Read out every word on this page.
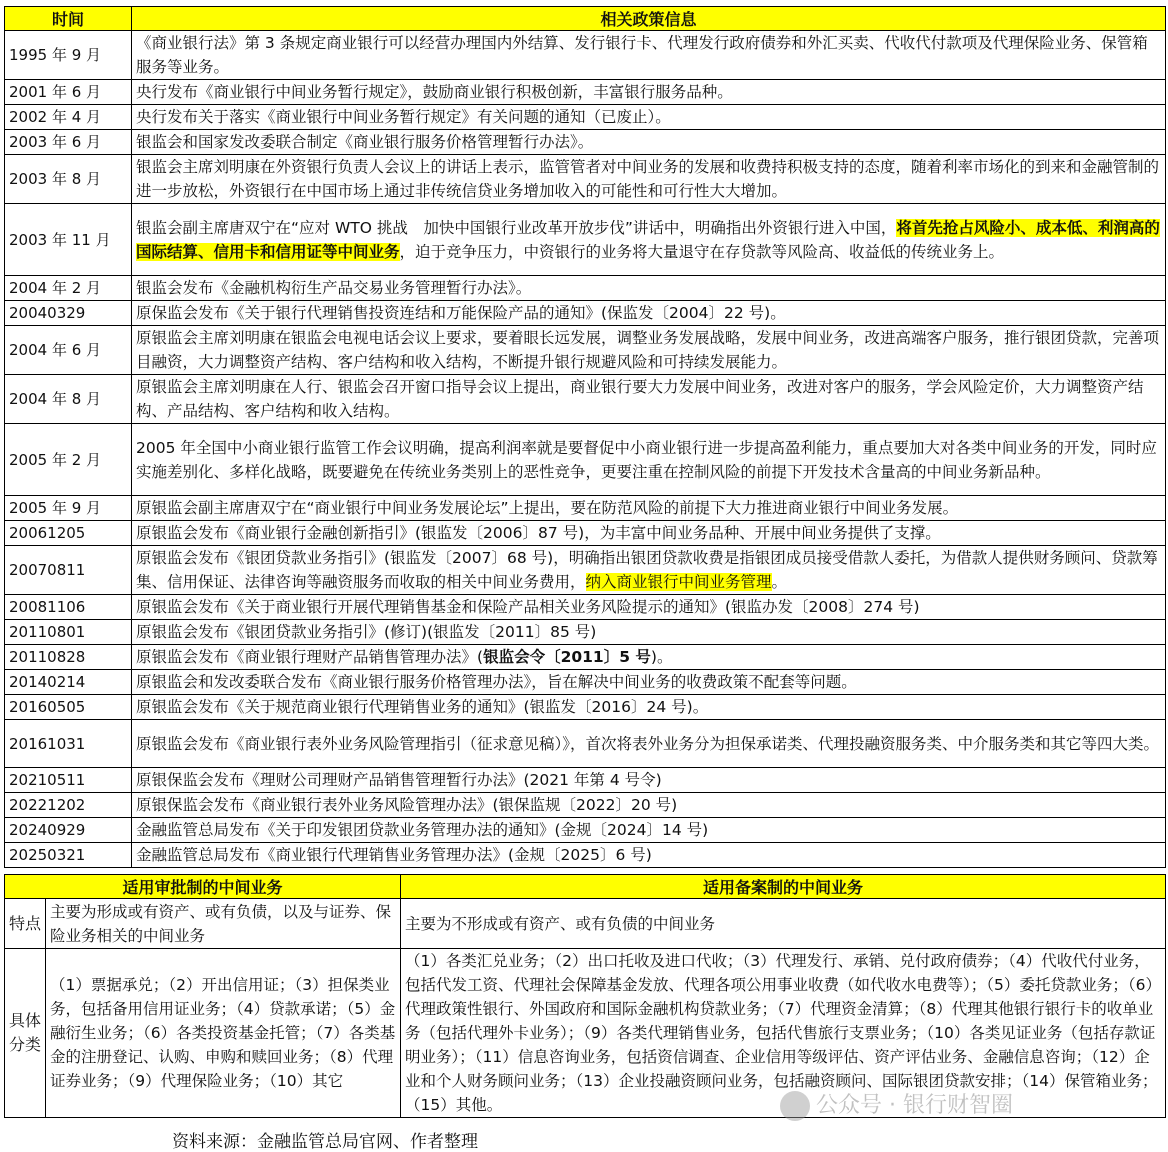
时间	相关政策信息
1995 年 9 月	《商业银行法》第 3 条规定商业银行可以经营办理国内外结算、发行银行卡、代理发行政府债券和外汇买卖、代收代付款项及代理保险业务、保管箱服务等业务。
2001 年 6 月	央行发布《商业银行中间业务暂行规定》，鼓励商业银行积极创新，丰富银行服务品种。
2002 年 4 月	央行发布关于落实《商业银行中间业务暂行规定》有关问题的通知（已废止）。
2003 年 6 月	银监会和国家发改委联合制定《商业银行服务价格管理暂行办法》。
2003 年 8 月	银监会主席刘明康在外资银行负责人会议上的讲话上表示，监管管者对中间业务的发展和收费持积极支持的态度，随着利率市场化的到来和金融管制的进一步放松，外资银行在中国市场上通过非传统信贷业务增加收入的可能性和可行性大大增加。
2003 年 11 月	银监会副主席唐双宁在“应对 WTO 挑战　加快中国银行业改革开放步伐”讲话中，明确指出外资银行进入中国，将首先抢占风险小、成本低、利润高的国际结算、信用卡和信用证等中间业务，迫于竞争压力，中资银行的业务将大量退守在存贷款等风险高、收益低的传统业务上。
2004 年 2 月	银监会发布《金融机构衍生产品交易业务管理暂行办法》。
20040329	原保监会发布《关于银行代理销售投资连结和万能保险产品的通知》(保监发〔2004〕22 号)。
2004 年 6 月	原银监会主席刘明康在银监会电视电话会议上要求，要着眼长远发展，调整业务发展战略，发展中间业务，改进高端客户服务，推行银团贷款，完善项目融资，大力调整资产结构、客户结构和收入结构，不断提升银行规避风险和可持续发展能力。
2004 年 8 月	原银监会主席刘明康在人行、银监会召开窗口指导会议上提出，商业银行要大力发展中间业务，改进对客户的服务，学会风险定价，大力调整资产结构、产品结构、客户结构和收入结构。
2005 年 2 月	2005 年全国中小商业银行监管工作会议明确，提高利润率就是要督促中小商业银行进一步提高盈利能力，重点要加大对各类中间业务的开发，同时应实施差别化、多样化战略，既要避免在传统业务类别上的恶性竞争，更要注重在控制风险的前提下开发技术含量高的中间业务新品种。
2005 年 9 月	原银监会副主席唐双宁在“商业银行中间业务发展论坛”上提出，要在防范风险的前提下大力推进商业银行中间业务发展。
20061205	原银监会发布《商业银行金融创新指引》(银监发〔2006〕87 号)，为丰富中间业务品种、开展中间业务提供了支撑。
20070811	原银监会发布《银团贷款业务指引》(银监发〔2007〕68 号)，明确指出银团贷款收费是指银团成员接受借款人委托，为借款人提供财务顾问、贷款筹集、信用保证、法律咨询等融资服务而收取的相关中间业务费用，纳入商业银行中间业务管理。
20081106	原银监会发布《关于商业银行开展代理销售基金和保险产品相关业务风险提示的通知》(银监办发〔2008〕274 号)
20110801	原银监会发布《银团贷款业务指引》(修订)(银监发〔2011〕85 号)
20110828	原银监会发布《商业银行理财产品销售管理办法》(银监会令〔2011〕5 号)。
20140214	原银监会和发改委联合发布《商业银行服务价格管理办法》，旨在解决中间业务的收费政策不配套等问题。
20160505	原银监会发布《关于规范商业银行代理销售业务的通知》(银监发〔2016〕24 号)。
20161031	原银监会发布《商业银行表外业务风险管理指引（征求意见稿）》，首次将表外业务分为担保承诺类、代理投融资服务类、中介服务类和其它等四大类。
20210511	原银保监会发布《理财公司理财产品销售管理暂行办法》(2021 年第 4 号令)
20221202	原银保监会发布《商业银行表外业务风险管理办法》(银保监规〔2022〕20 号)
20240929	金融监管总局发布《关于印发银团贷款业务管理办法的通知》(金规〔2024〕14 号)
20250321	金融监管总局发布《商业银行代理销售业务管理办法》(金规〔2025〕6 号)
适用审批制的中间业务		适用备案制的中间业务
特点	主要为形成或有资产、或有负债，以及与证券、保险业务相关的中间业务	主要为不形成或有资产、或有负债的中间业务
具体分类	（1）票据承兑；（2）开出信用证；（3）担保类业务，包括备用信用证业务；（4）贷款承诺；（5）金融衍生业务；（6）各类投资基金托管；（7）各类基金的注册登记、认购、申购和赎回业务；（8）代理证券业务；（9）代理保险业务；（10）其它	（1）各类汇兑业务；（2）出口托收及进口代收；（3）代理发行、承销、兑付政府债券；（4）代收代付业务，包括代发工资、代理社会保障基金发放、代理各项公用事业收费（如代收水电费等）；（5）委托贷款业务；（6）代理政策性银行、外国政府和国际金融机构贷款业务；（7）代理资金清算；（8）代理其他银行银行卡的收单业务（包括代理外卡业务）；（9）各类代理销售业务，包括代售旅行支票业务；（10）各类见证业务（包括存款证明业务）；（11）信息咨询业务，包括资信调查、企业信用等级评估、资产评估业务、金融信息咨询；（12）企业和个人财务顾问业务；（13）企业投融资顾问业务，包括融资顾问、国际银团贷款安排；（14）保管箱业务；（15）其他。	公众号 · 银行财智圈
资料来源：金融监管总局官网、作者整理
